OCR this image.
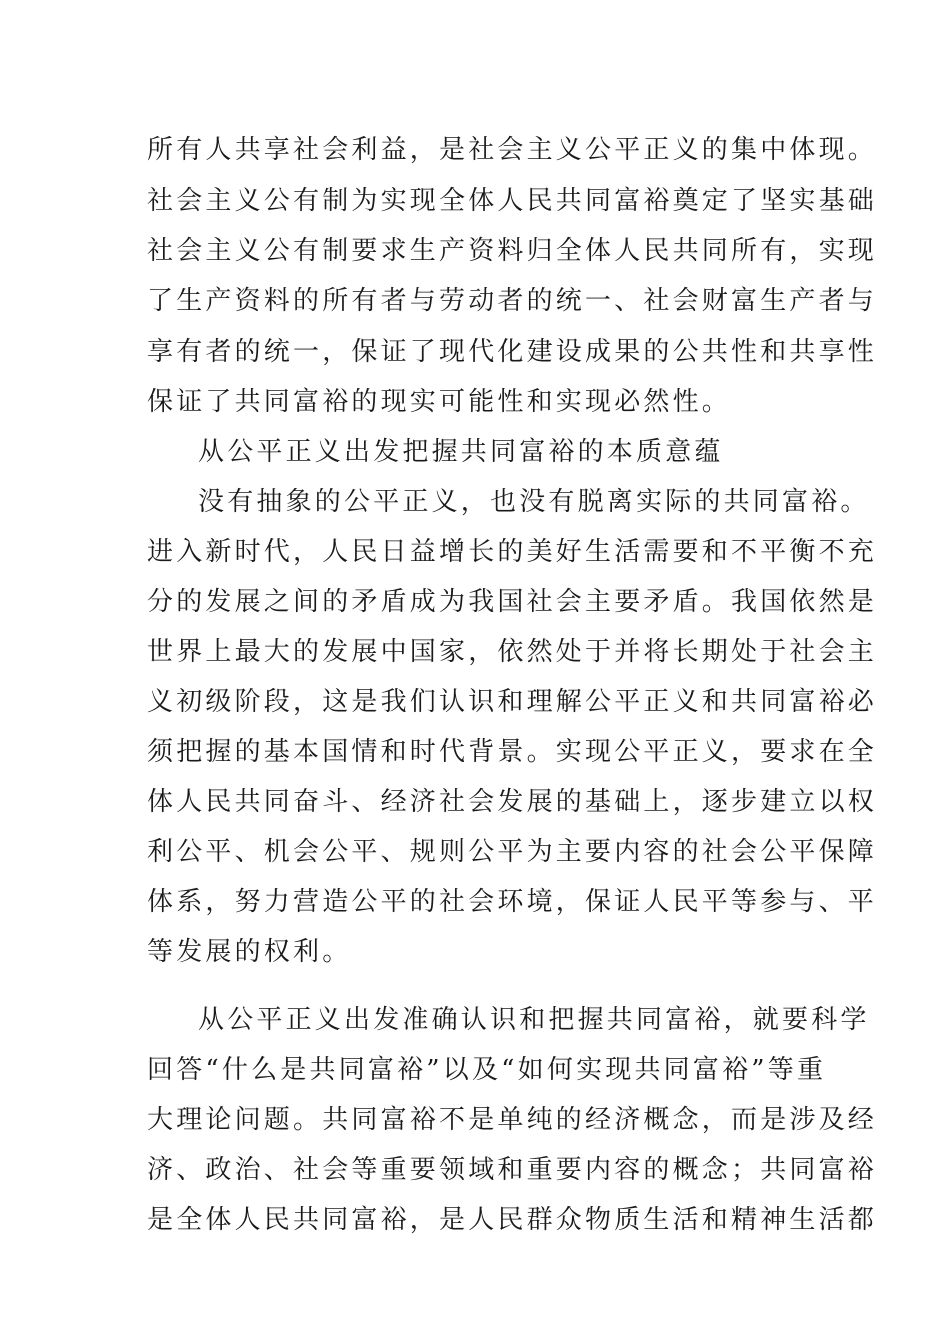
所有人共享社会利益，是社会主义公平正义的集中体现。
社会主义公有制为实现全体人民共同富裕奠定了坚实基础
社会主义公有制要求生产资料归全体人民共同所有，实现
了生产资料的所有者与劳动者的统一、社会财富生产者与
享有者的统一，保证了现代化建设成果的公共性和共享性
保证了共同富裕的现实可能性和实现必然性。
从公平正义出发把握共同富裕的本质意蕴
没有抽象的公平正义，也没有脱离实际的共同富裕。
进入新时代，人民日益增长的美好生活需要和不平衡不充
分的发展之间的矛盾成为我国社会主要矛盾。我国依然是
世界上最大的发展中国家，依然处于并将长期处于社会主
义初级阶段，这是我们认识和理解公平正义和共同富裕必
须把握的基本国情和时代背景。实现公平正义，要求在全
体人民共同奋斗、经济社会发展的基础上，逐步建立以权
利公平、机会公平、规则公平为主要内容的社会公平保障
体系，努力营造公平的社会环境，保证人民平等参与、平
等发展的权利。
从公平正义出发准确认识和把握共同富裕，就要科学
回答“什么是共同富裕”以及“如何实现共同富裕”等重
大理论问题。共同富裕不是单纯的经济概念，而是涉及经
济、政治、社会等重要领域和重要内容的概念；共同富裕
是全体人民共同富裕，是人民群众物质生活和精神生活都
